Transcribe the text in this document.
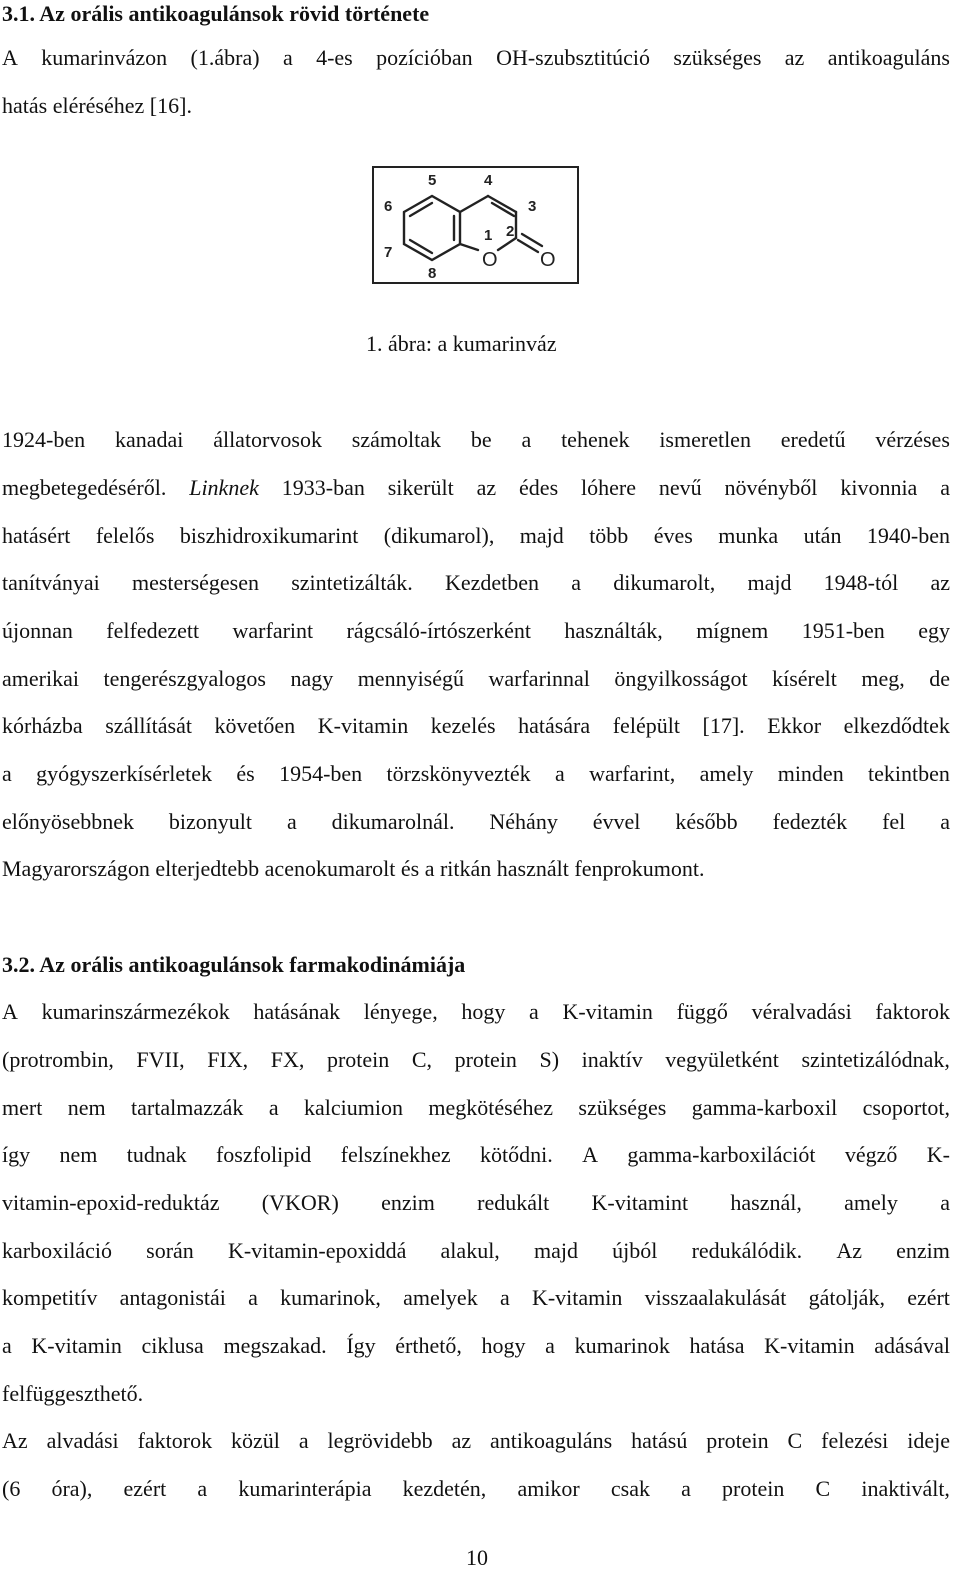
3.1. Az orális antikoagulánsok rövid története
A kumarinvázon (1.ábra) a 4-es pozícióban OH-szubsztitúció szükséges az antikoaguláns
hatás eléréséhez [16].
5	4
6	3
1 2
7
8
O O
1. ábra: a kumarinváz
1924-ben kanadai állatorvosok számoltak be a tehenek ismeretlen eredetű vérzéses
megbetegedéséről. Linknek 1933-ban sikerült az édes lóhere nevű növényből kivonnia a
hatásért felelős biszhidroxikumarint (dikumarol), majd több éves munka után 1940-ben
tanítványai mesterségesen szintetizálták. Kezdetben a dikumarolt, majd 1948-tól az
újonnan felfedezett warfarint rágcsáló-írtószerként használták, mígnem 1951-ben egy
amerikai tengerészgyalogos nagy mennyiségű warfarinnal öngyilkosságot kísérelt meg, de
kórházba szállítását követően K-vitamin kezelés hatására felépült [17]. Ekkor elkezdődtek
a gyógyszerkísérletek és 1954-ben törzskönyvezték a warfarint, amely minden tekintben
előnyösebbnek bizonyult a dikumarolnál. Néhány évvel később fedezték fel a
Magyarországon elterjedtebb acenokumarolt és a ritkán használt fenprokumont.
3.2. Az orális antikoagulánsok farmakodinámiája
A kumarinszármezékok hatásának lényege, hogy a K-vitamin függő véralvadási faktorok
(protrombin, FVII, FIX, FX, protein C, protein S) inaktív vegyületként szintetizálódnak,
mert nem tartalmazzák a kalciumion megkötéséhez szükséges gamma-karboxil csoportot,
így nem tudnak foszfolipid felszínekhez kötődni. A gamma-karboxilációt végző K-
vitamin-epoxid-reduktáz (VKOR) enzim redukált K-vitamint használ, amely a
karboxiláció során K-vitamin-epoxiddá alakul, majd újból redukálódik. Az enzim
kompetitív antagonistái a kumarinok, amelyek a K-vitamin visszaalakulását gátolják, ezért
a K-vitamin ciklusa megszakad. Így érthető, hogy a kumarinok hatása K-vitamin adásával
felfüggeszthető.
Az alvadási faktorok közül a legrövidebb az antikoaguláns hatású protein C felezési ideje
(6 óra), ezért a kumarinterápia kezdetén, amikor csak a protein C inaktivált,
10
